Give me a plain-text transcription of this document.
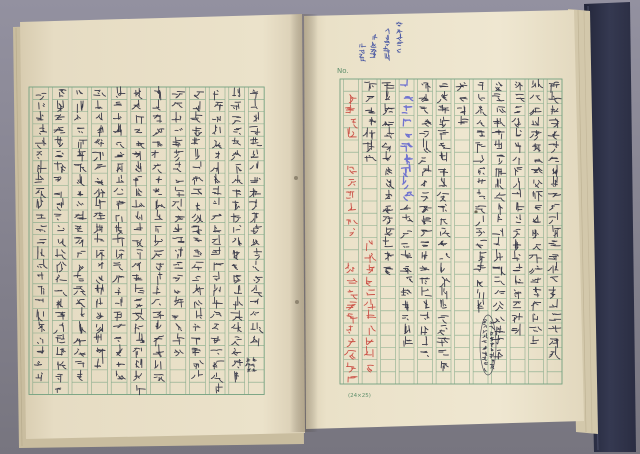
No.
(24×25)
